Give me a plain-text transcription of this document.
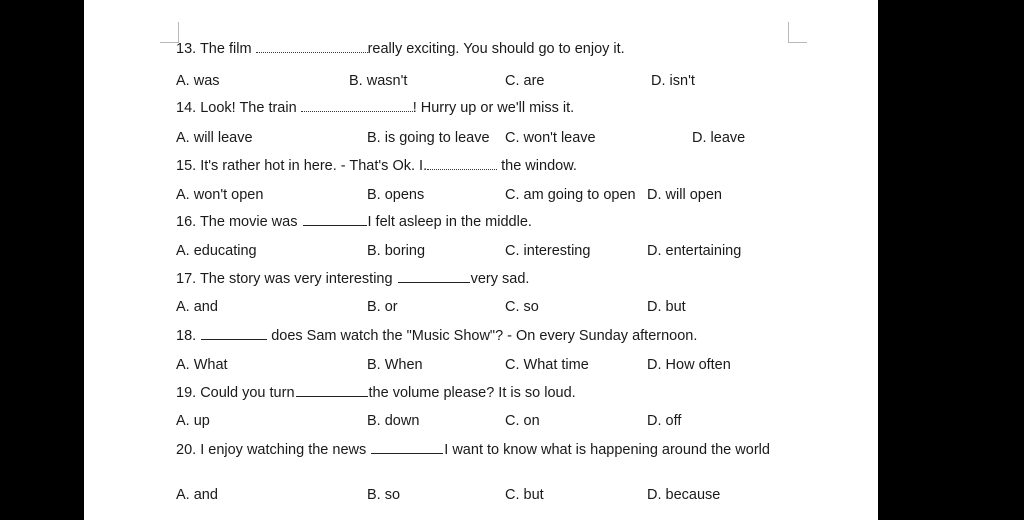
13. The film	really exciting. You should go to enjoy it.
A. was	B. wasn't	C. are	D. isn't
14. Look! The train	! Hurry up or we'll miss it.
A. will leave	B. is going to leave C. won't leave	D. leave
15. It's rather hot in here. - That's Ok. I.	the window.
A. won't open	B. opens	C. am going to open D. will open
16. The movie was	I felt asleep in the middle.
A. educating	B. boring	C. interesting	D. entertaining
17. The story was very interesting	very sad.
A. and	B. or	C. so	D. but
18.	does Sam watch the "Music Show"? - On every Sunday afternoon.
A. What	B. When	C. What time	D. How often
19. Could you turn	the volume please? It is so loud.
A. up	B. down	C. on	D. off
20. I enjoy watching the news	I want to know what is happening around the world
A. and	B. so	C. but	D. because
